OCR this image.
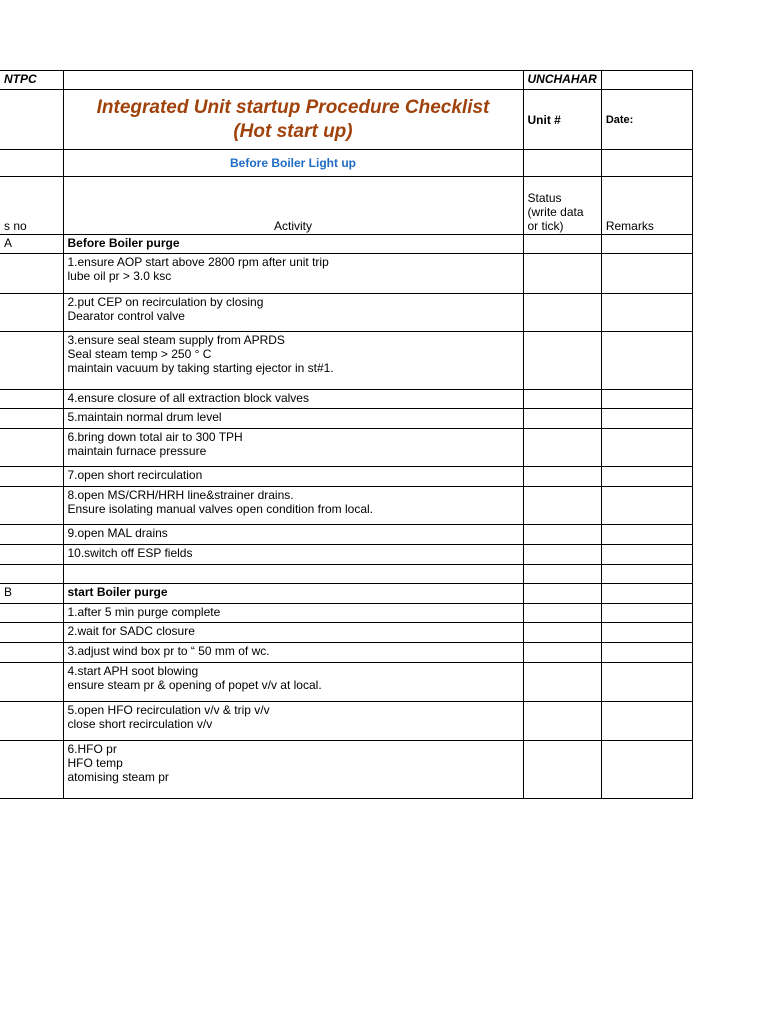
NTPC		UNCHAHAR	

	Integrated Unit startup Procedure Checklist
(Hot start up)	Unit #	Date:
	Before Boiler Light up		
s no	Activity	Status
(write data
or tick)	Remarks
A	Before Boiler purge		

	1.ensure AOP start above 2800 rpm after unit trip
lube oil pr > 3.0 ksc		

	2.put CEP on recirculation by closing
Dearator control valve		

	3.ensure seal steam supply from APRDS
Seal steam temp > 250 ° C
maintain vacuum by taking starting ejector in st#1.		

	4.ensure closure of all extraction block valves		

	5.maintain normal drum level		

	6.bring down total air to 300 TPH
maintain furnace pressure		

	7.open short recirculation		

	8.open MS/CRH/HRH line&strainer drains.
Ensure isolating manual valves open condition from local.		

	9.open MAL drains		

	10.switch off ESP fields		

B	start Boiler purge		

	1.after 5 min purge complete		

	2.wait for SADC closure		

	3.adjust wind box pr to “ 50 mm of wc.		

	4.start APH soot blowing
ensure steam pr & opening of popet v/v at local.		

	5.open HFO recirculation v/v & trip v/v
close short recirculation v/v		

	6.HFO pr
HFO temp
atomising steam pr		
